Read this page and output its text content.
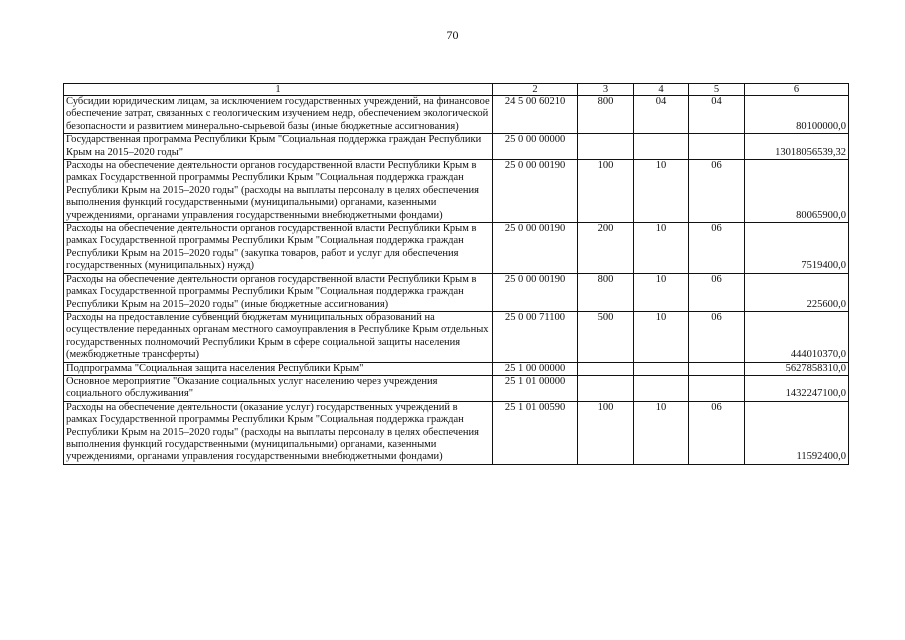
70
1	2	3	4	5	6
Субсидии юридическим лицам, за исключением государственных учреждений, на финансовое обеспечение затрат, связанных с геологическим изучением недр, обеспечением экологической безопасности и развитием минерально-сырьевой базы (иные бюджетные ассигнования)	24 5 00 60210	800	04	04	80100000,0
Государственная программа Республики Крым "Социальная поддержка граждан Республики Крым на 2015–2020 годы"	25 0 00 00000				13018056539,32
Расходы на обеспечение деятельности органов государственной власти Республики Крым в рамках Государственной программы Республики Крым "Социальная поддержка граждан Республики Крым на 2015–2020 годы" (расходы на выплаты персоналу в целях обеспечения выполнения функций государственными (муниципальными) органами, казенными учреждениями, органами управления государственными внебюджетными фондами)	25 0 00 00190	100	10	06	80065900,0
Расходы на обеспечение деятельности органов государственной власти Республики Крым в рамках Государственной программы Республики Крым "Социальная поддержка граждан Республики Крым на 2015–2020 годы" (закупка товаров, работ и услуг для обеспечения государственных (муниципальных) нужд)	25 0 00 00190	200	10	06	7519400,0
Расходы на обеспечение деятельности органов государственной власти Республики Крым в рамках Государственной программы Республики Крым "Социальная поддержка граждан Республики Крым на 2015–2020 годы" (иные бюджетные ассигнования)	25 0 00 00190	800	10	06	225600,0
Расходы на предоставление субвенций бюджетам муниципальных образований на осуществление переданных органам местного самоуправления в Республике Крым отдельных государственных полномочий Республики Крым в сфере социальной защиты населения (межбюджетные трансферты)	25 0 00 71100	500	10	06	444010370,0
Подпрограмма "Социальная защита населения Республики Крым"	25 1 00 00000				5627858310,0
Основное мероприятие "Оказание социальных услуг населению через учреждения социального обслуживания"	25 1 01 00000				1432247100,0
Расходы на обеспечение деятельности (оказание услуг) государственных учреждений в рамках Государственной программы Республики Крым "Социальная поддержка граждан Республики Крым на 2015–2020 годы" (расходы на выплаты персоналу в целях обеспечения выполнения функций государственными (муниципальными) органами, казенными учреждениями, органами управления государственными внебюджетными фондами)	25 1 01 00590	100	10	06	11592400,0
